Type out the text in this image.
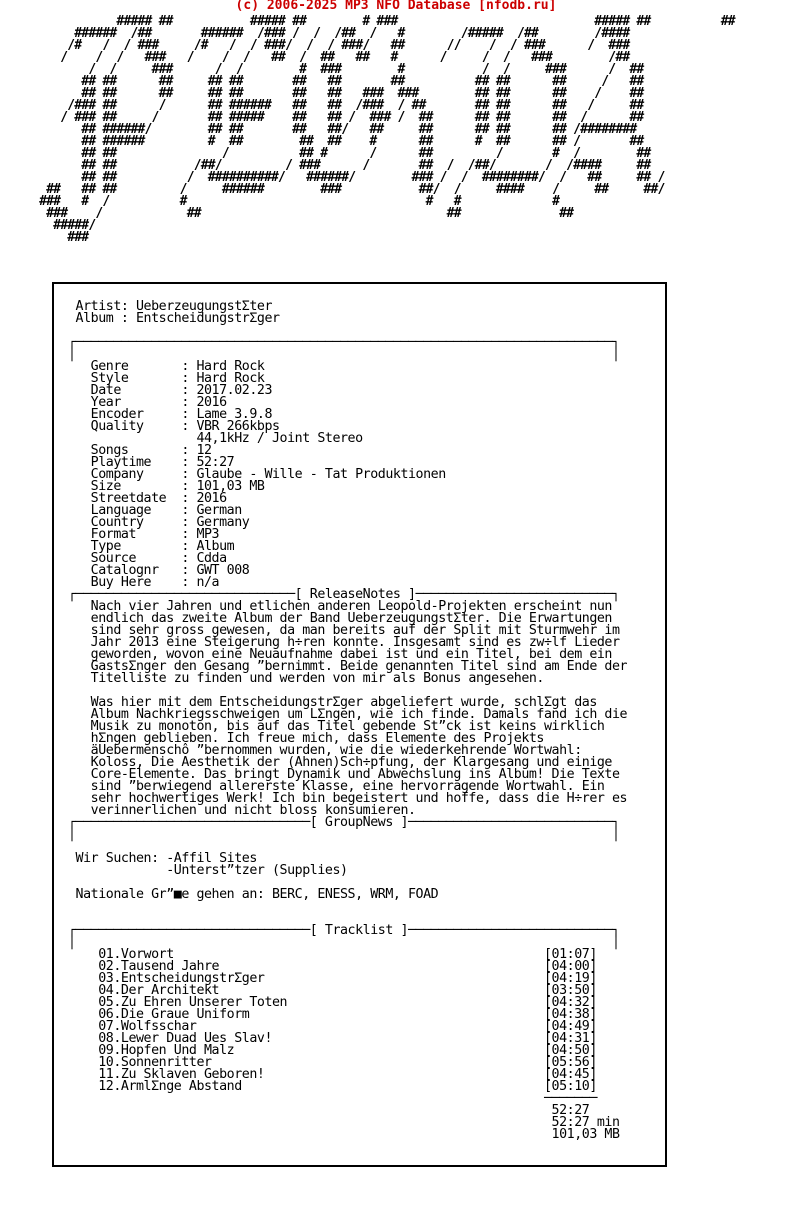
(c) 2006-2025 MP3 NFO Database [nfodb.ru]
##### ##           ##### ##        # ###                            ##### ##          ##
######  /##       ######  /### /  /  /##  /   #        /#####  /##        /####
/#   /  / ###     /#   /  / ###/  /  / ###/   ##      //    /  / ###      /  ###
/    /  /   ###   /    /  /   ##  /  ##   ##   #      /     /  /   ###        /##
/  /     ###      /  /        #  ###        #           /  /     ###      /  ##
## ##      ##     ## ##       ##   ##       ##          ## ##      ##     /   ##
## ##      ##     ## ##       ##   ##   ###  ###        ## ##      ##    /    ##
/### ##      /      ## ######   ##   ##  /###  / ##       ## ##      ##   /     ##
/ ### ##     /       ## #####    ##   ## /  ### /  ##      ## ##      ##  /      ##
## ######/        ## ##       ##   ##/   ##     ##      ## ##      ## /########
## ######         #  ##        ##  ##    #      ##      #  ##      ## /       ##
## ##               /          ## #      /      ##         /       #  /        ##
## ##           /##/         / ###      /       ##  /  /##/       /  /####     ##
## ##          /  ##########/   ######/        ### /  /  ########/  /   ##     ## /
##   ## ##         /     ######        ###           ##/  /     ####    /     ##     ##/
###   #  /          #                                  #   #             #
###    /            ##                                   ##              ##
#####/
###
Artist: UeberzeugungstΣter
Album : EntscheidungstrΣger
┌───────────────────────────────────────────────────────────────────────┐
│                                                                       │
Genre       : Hard Rock
Style       : Hard Rock
Date        : 2017.02.23
Year        : 2016
Encoder     : Lame 3.9.8
Quality     : VBR 266kbps
44,1kHz / Joint Stereo
Songs       : 12
Playtime    : 52:27
Company     : Glaube - Wille - Tat Produktionen
Size        : 101,03 MB
Streetdate  : 2016
Language    : German
Country     : Germany
Format      : MP3
Type        : Album
Source      : Cdda
Catalognr   : GWT 008
Buy Here    : n/a
┌─────────────────────────────[ ReleaseNotes ]──────────────────────────┐
Nach vier Jahren und etlichen anderen Leopold-Projekten erscheint nun
endlich das zweite Album der Band UeberzeugungstΣter. Die Erwartungen
sind sehr gross gewesen, da man bereits auf der Split mit Sturmwehr im
Jahr 2013 eine Steigerung h÷ren konnte. Insgesamt sind es zw÷lf Lieder
geworden, wovon eine Neuaufnahme dabei ist und ein Titel, bei dem ein
GastsΣnger den Gesang ”bernimmt. Beide genannten Titel sind am Ende der
Titelliste zu finden und werden von mir als Bonus angesehen.
Was hier mit dem EntscheidungstrΣger abgeliefert wurde, schlΣgt das
Album Nachkriegsschweigen um LΣngen, wie ich finde. Damals fand ich die
Musik zu monoton, bis auf das Titel gebende St”ck ist keins wirklich
hΣngen geblieben. Ich freue mich, dass Elemente des Projekts
äUebermenschô ”bernommen wurden, wie die wiederkehrende Wortwahl:
Koloss, Die Aesthetik der (Ahnen)Sch÷pfung, der Klargesang und einige
Core-Elemente. Das bringt Dynamik und Abwechslung ins Album! Die Texte
sind ”berwiegend allererste Klasse, eine hervorragende Wortwahl. Ein
sehr hochwertiges Werk! Ich bin begeistert und hoffe, dass die H÷rer es
verinnerlichen und nicht bloss konsumieren.
┌───────────────────────────────[ GroupNews ]───────────────────────────┐
│                                                                       │
Wir Suchen: -Affil Sites
-Unterst”tzer (Supplies)
Nationale Gr”■e gehen an: BERC, ENESS, WRM, FOAD
┌───────────────────────────────[ Tracklist ]───────────────────────────┐
│                                                                       │
01.Vorwort                                                 [01:07]
02.Tausend Jahre                                           [04:00]
03.EntscheidungstrΣger                                     [04:19]
04.Der Architekt                                           [03:50]
05.Zu Ehren Unserer Toten                                  [04:32]
06.Die Graue Uniform                                       [04:38]
07.Wolfsschar                                              [04:49]
08.Lewer Duad Ues Slav!                                    [04:31]
09.Hopfen Und Malz                                         [04:50]
10.Sonnenritter                                            [05:56]
11.Zu Sklaven Geboren!                                     [04:45]
12.ArmlΣnge Abstand                                        [05:10]
───────
52:27
52:27 min
101,03 MB
